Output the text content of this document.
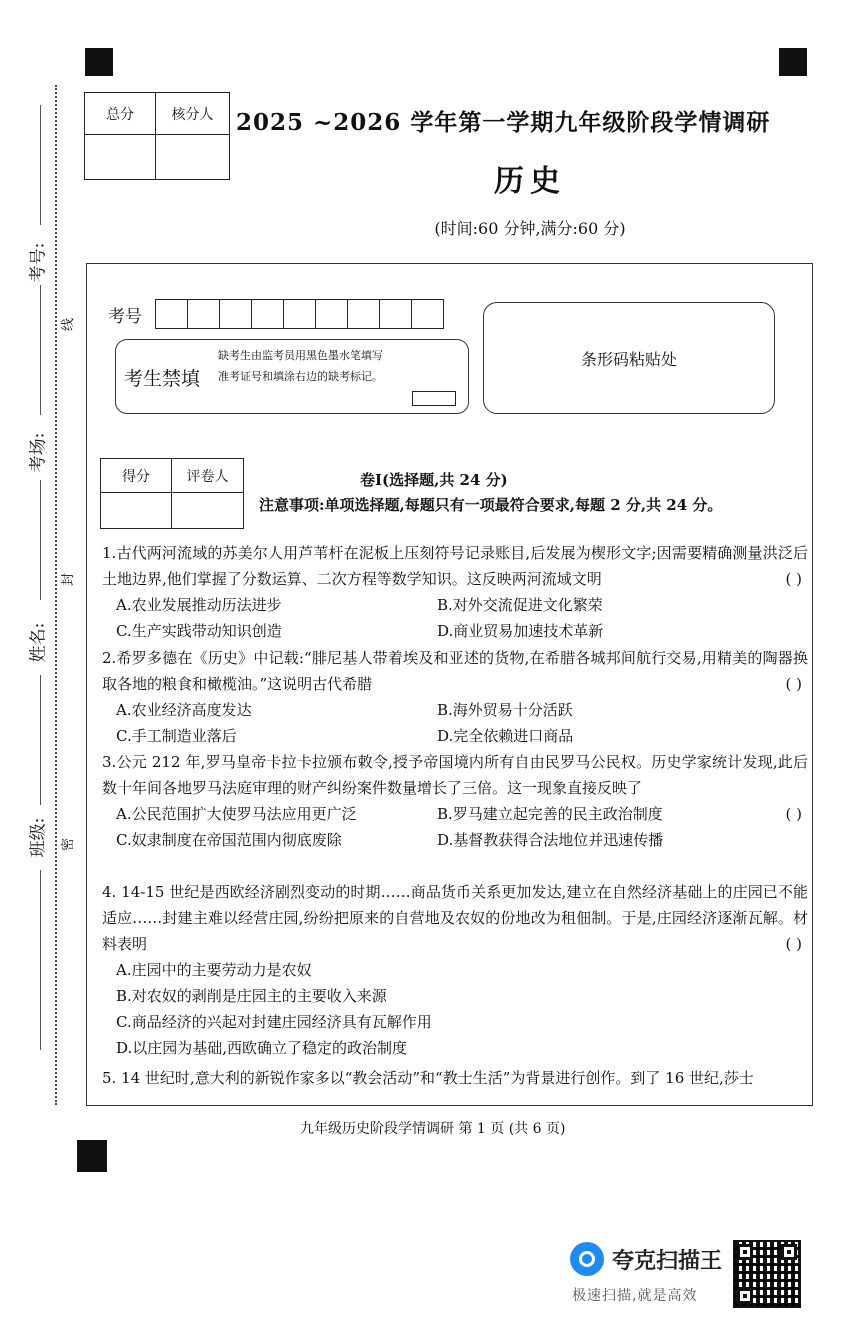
考号:
考场:
姓名:
班级:
线
封
密
总分	核分人
	2025 ~2026 学年第一学期九年级阶段学情调研
历史
(时间:60 分钟,满分:60 分)
考号
考生禁填
缺考生由监考员用黑色墨水笔填写准考证号和填涂右边的缺考标记。
条形码粘贴处
得分	评卷人
		卷Ⅰ(选择题,共 24 分)
注意事项:单项选择题,每题只有一项最符合要求,每题 2 分,共 24 分。

1.古代两河流域的苏美尔人用芦苇杆在泥板上压刻符号记录账目,后发展为楔形文字;因需要精确测量洪泛后土地边界,他们掌握了分数运算、二次方程等数学知识。这反映两河流域文明	( )
A.农业发展推动历法进步	B.对外交流促进文化繁荣
C.生产实践带动知识创造	D.商业贸易加速技术革新

2.希罗多德在《历史》中记载:“腓尼基人带着埃及和亚述的货物,在希腊各城邦间航行交易,用精美的陶器换取各地的粮食和橄榄油。”这说明古代希腊	( )
A.农业经济高度发达	B.海外贸易十分活跃
C.手工制造业落后	D.完全依赖进口商品

3.公元 212 年,罗马皇帝卡拉卡拉颁布敕令,授予帝国境内所有自由民罗马公民权。历史学家统计发现,此后数十年间各地罗马法庭审理的财产纠纷案件数量增长了三倍。这一现象直接反映了

( )
A.公民范围扩大使罗马法应用更广泛	B.罗马建立起完善的民主政治制度
C.奴隶制度在帝国范围内彻底废除	D.基督教获得合法地位并迅速传播

4. 14-15 世纪是西欧经济剧烈变动的时期……商品货币关系更加发达,建立在自然经济基础上的庄园已不能适应……封建主难以经营庄园,纷纷把原来的自营地及农奴的份地改为租佃制。于是,庄园经济逐渐瓦解。材料表明	( )
A.庄园中的主要劳动力是农奴
B.对农奴的剥削是庄园主的主要收入来源
C.商品经济的兴起对封建庄园经济具有瓦解作用
D.以庄园为基础,西欧确立了稳定的政治制度

5. 14 世纪时,意大利的新锐作家多以“教会活动”和“教士生活”为背景进行创作。到了 16 世纪,莎士

九年级历史阶段学情调研 第 1 页 (共 6 页)
夸克扫描王
极速扫描,就是高效
